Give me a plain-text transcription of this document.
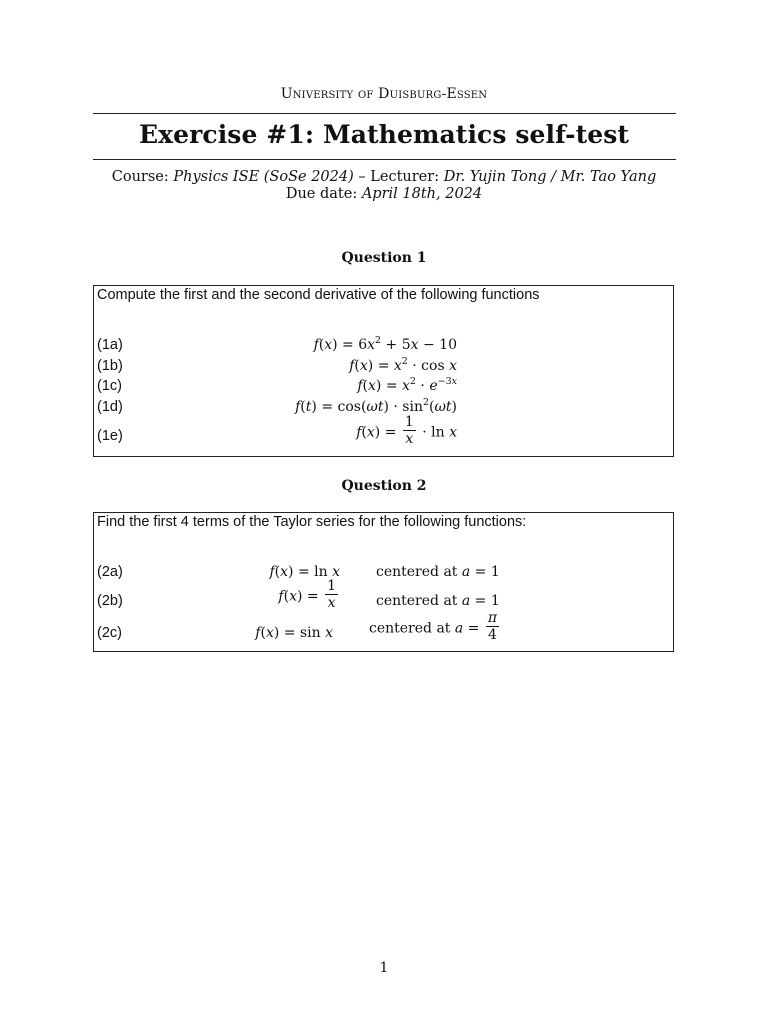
University of Duisburg-Essen
Exercise #1: Mathematics self-test
Course: Physics ISE (SoSe 2024) – Lecturer: Dr. Yujin Tong / Mr. Tao Yang
Due date: April 18th, 2024
Question 1
Compute the first and the second derivative of the following functions
(1a)	$f(x) = 6x^2 + 5x - 10$
(1b)	$f(x) = x^2 \cdot \cos x$
(1c)	$f(x) = x^2 \cdot e^{-3x}$
(1d)	$f(t) = \cos(\omega t) \cdot \sin^2(\omega t)$
(1e)	$f(x) = \frac{1}{x} \cdot \ln x$
Question 2
Find the first 4 terms of the Taylor series for the following functions:
(2a)	f(x) = ln x	centered at a = 1
(2b)	$f(x) = \frac{1}{x}$	centered at a = 1
(2c)	f(x) = sin x	centered at $a = \frac{\pi}{4}$
1
